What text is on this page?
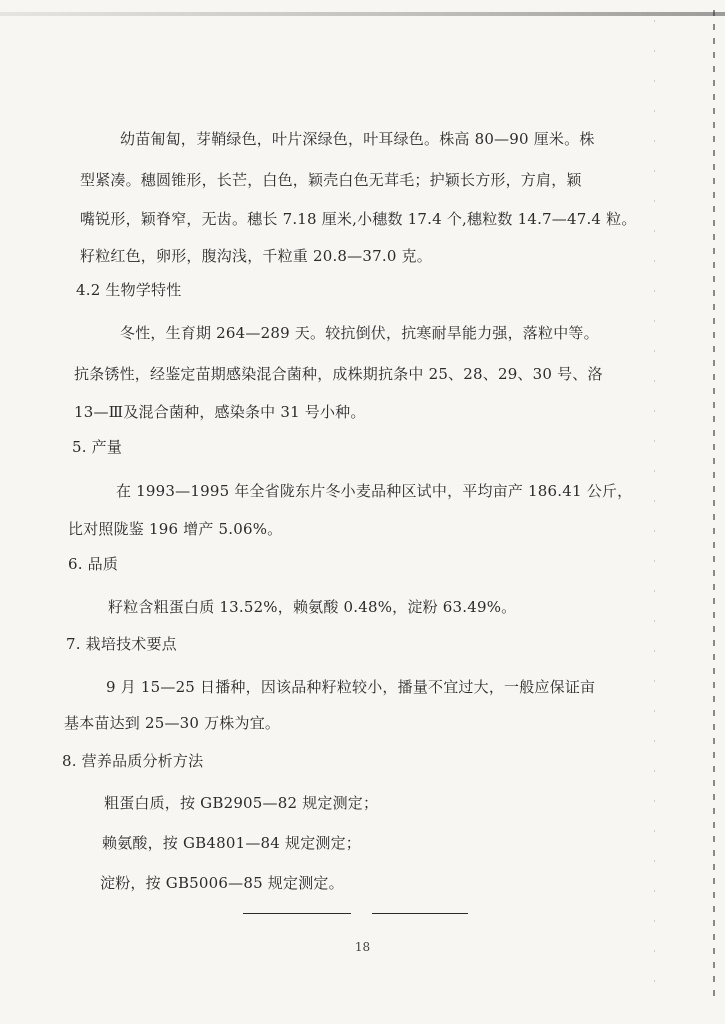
幼苗匍匐，芽鞘绿色，叶片深绿色，叶耳绿色。株高 80—90 厘米。株
型紧凑。穗圆锥形，长芒，白色，颖壳白色无茸毛；护颖长方形，方肩，颖
嘴锐形，颖脊窄，无齿。穗长 7.18 厘米,小穗数 17.4 个,穗粒数 14.7—47.4 粒。
籽粒红色，卵形，腹沟浅，千粒重 20.8—37.0 克。
4.2 生物学特性
冬性，生育期 264—289 天。较抗倒伏，抗寒耐旱能力强，落粒中等。
抗条锈性，经鉴定苗期感染混合菌种，成株期抗条中 25、28、29、30 号、洛
13—Ⅲ及混合菌种，感染条中 31 号小种。
5. 产量
在 1993—1995 年全省陇东片冬小麦品种区试中，平均亩产 186.41 公斤，
比对照陇鉴 196 增产 5.06%。
6. 品质
籽粒含粗蛋白质 13.52%，赖氨酸 0.48%，淀粉 63.49%。
7. 栽培技术要点
9 月 15—25 日播种，因该品种籽粒较小，播量不宜过大，一般应保证亩
基本苗达到 25—30 万株为宜。
8. 营养品质分析方法
粗蛋白质，按 GB2905—82 规定测定；
赖氨酸，按 GB4801—84 规定测定；
淀粉，按 GB5006—85 规定测定。
18
